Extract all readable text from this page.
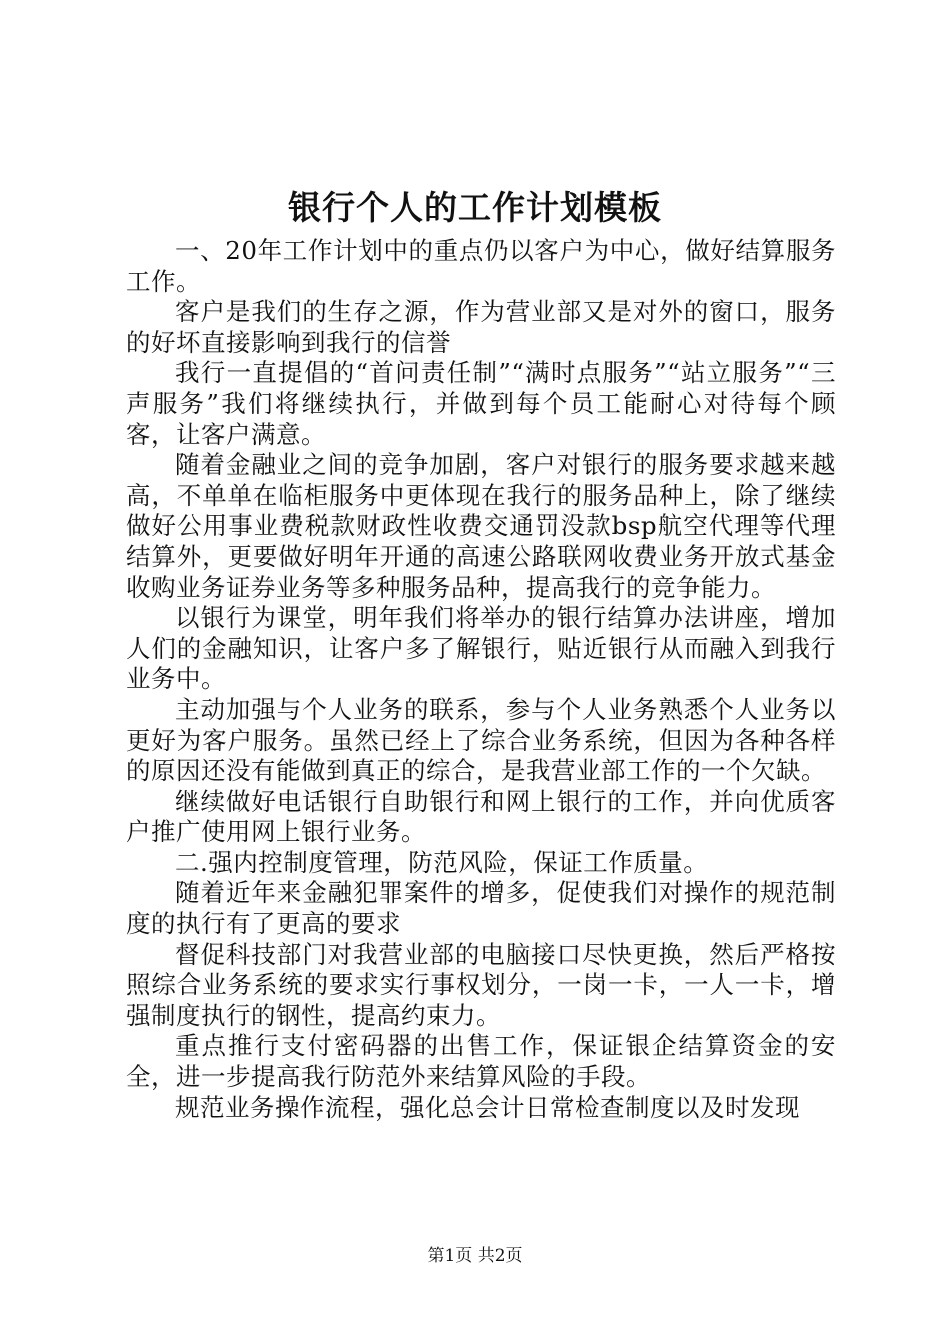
银行个人的工作计划模板

一、20年工作计划中的重点仍以客户为中心，做好结算服务工作。

客户是我们的生存之源，作为营业部又是对外的窗口，服务的好坏直接影响到我行的信誉

我行一直提倡的“首问责任制”“满时点服务”“站立服务”“三声服务”我们将继续执行，并做到每个员工能耐心对待每个顾客，让客户满意。

随着金融业之间的竞争加剧，客户对银行的服务要求越来越高，不单单在临柜服务中更体现在我行的服务品种上，除了继续做好公用事业费税款财政性收费交通罚没款bsp航空代理等代理结算外，更要做好明年开通的高速公路联网收费业务开放式基金收购业务证券业务等多种服务品种，提高我行的竞争能力。

以银行为课堂，明年我们将举办的银行结算办法讲座，增加人们的金融知识，让客户多了解银行，贴近银行从而融入到我行业务中。

主动加强与个人业务的联系，参与个人业务熟悉个人业务以更好为客户服务。虽然已经上了综合业务系统，但因为各种各样的原因还没有能做到真正的综合，是我营业部工作的一个欠缺。

继续做好电话银行自助银行和网上银行的工作，并向优质客户推广使用网上银行业务。

二.强内控制度管理，防范风险，保证工作质量。

随着近年来金融犯罪案件的增多，促使我们对操作的规范制度的执行有了更高的要求

督促科技部门对我营业部的电脑接口尽快更换，然后严格按照综合业务系统的要求实行事权划分，一岗一卡，一人一卡，增强制度执行的钢性，提高约束力。

重点推行支付密码器的出售工作，保证银企结算资金的安全，进一步提高我行防范外来结算风险的手段。

规范业务操作流程，强化总会计日常检查制度以及时发现

第1页 共2页
